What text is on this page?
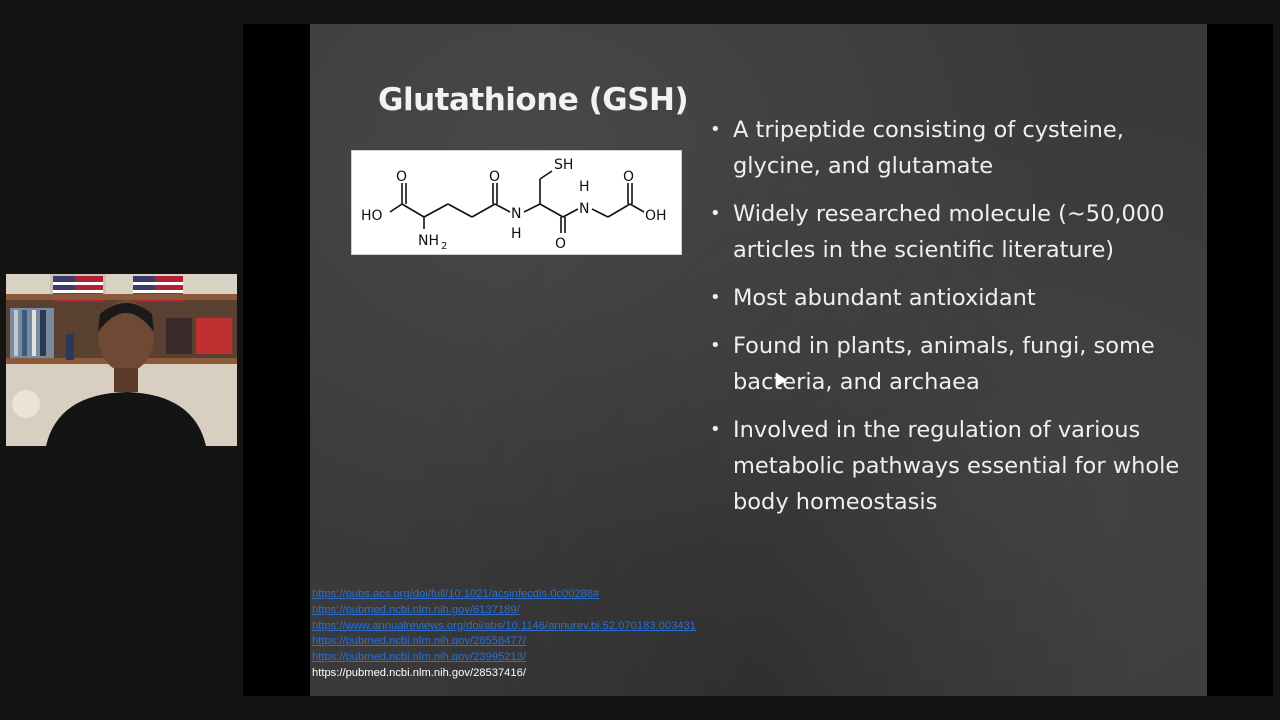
Glutathione (GSH)
O
HO
NH 2
O
N
H
SH
O
H
N
O
OH
• A tripeptide consisting of cysteine, glycine, and glutamate
• Widely researched molecule (~50,000 articles in the scientific literature)
• Most abundant antioxidant
• Found in plants, animals, fungi, some bacteria, and archaea
• Involved in the regulation of various metabolic pathways essential for whole body homeostasis
https://pubs.acs.org/doi/full/10.1021/acsinfecdis.0c00288#
https://pubmed.ncbi.nlm.nih.gov/6137189/
https://www.annualreviews.org/doi/abs/10.1146/annurev.bi.52.070183.003431
https://pubmed.ncbi.nlm.nih.gov/28558477/
https://pubmed.ncbi.nlm.nih.gov/23995213/
https://pubmed.ncbi.nlm.nih.gov/28537416/
